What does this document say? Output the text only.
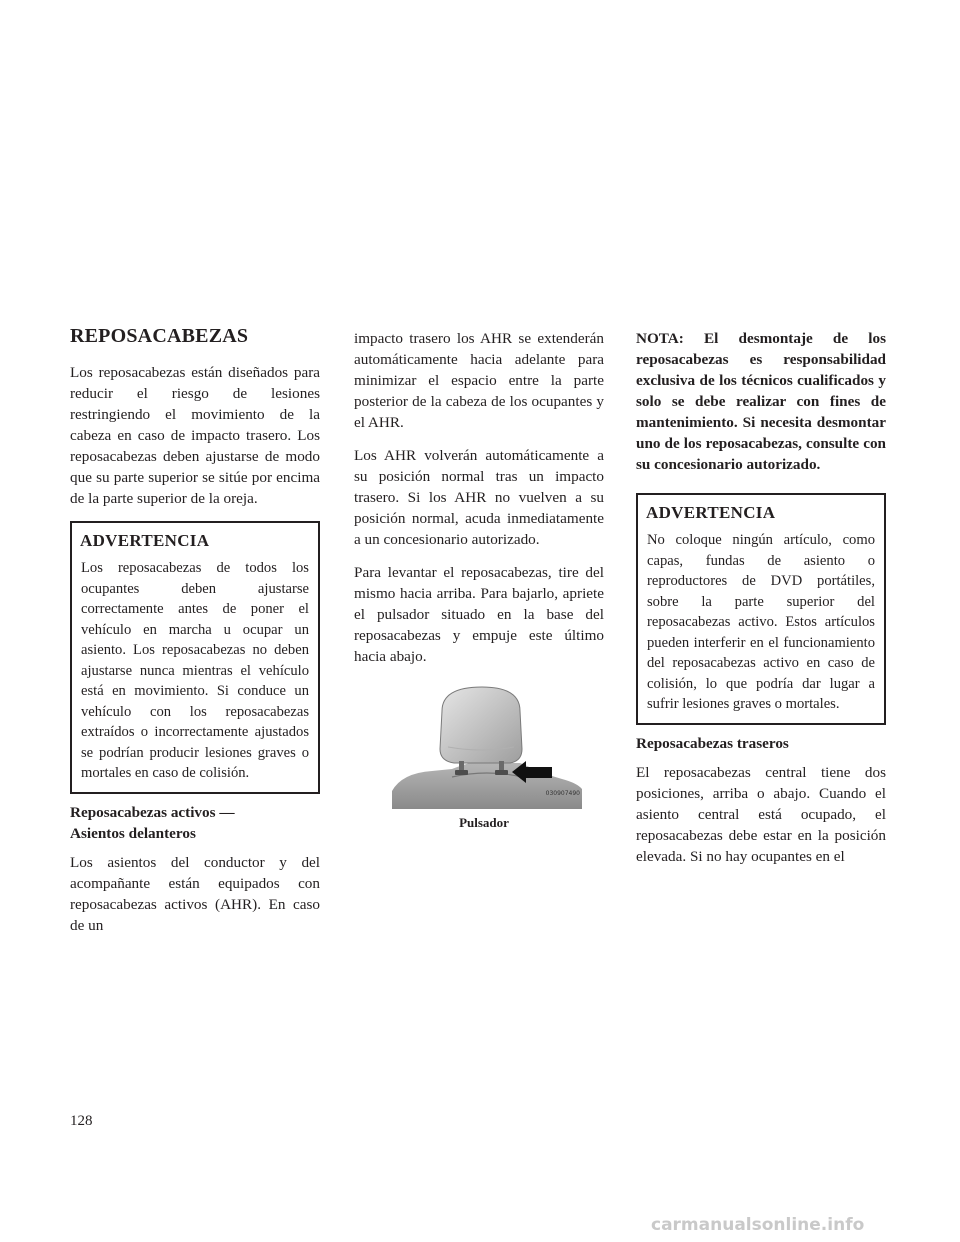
REPOSACABEZAS

Los reposacabezas están diseñados para reducir el riesgo de lesiones restringiendo el movimiento de la cabeza en caso de impacto trasero. Los reposacabezas deben ajustarse de modo que su parte superior se sitúe por encima de la parte superior de la oreja.

ADVERTENCIA

Los reposacabezas de todos los ocupantes deben ajustarse correctamente antes de poner el vehículo en marcha u ocupar un asiento. Los reposacabezas no deben ajustarse nunca mientras el vehículo está en movimiento. Si conduce un vehículo con los reposacabezas extraídos o incorrectamente ajustados se podrían producir lesiones graves o mortales en caso de colisión.

Reposacabezas activos —
Asientos delanteros

Los asientos del conductor y del acompañante están equipados con reposacabezas activos (AHR). En caso de un

impacto trasero los AHR se extenderán automáticamente hacia adelante para minimizar el espacio entre la parte posterior de la cabeza de los ocupantes y el AHR.

Los AHR volverán automáticamente a su posición normal tras un impacto trasero. Si los AHR no vuelven a su posición normal, acuda inmediatamente a un concesionario autorizado.

Para levantar el reposacabezas, tire del mismo hacia arriba. Para bajarlo, apriete el pulsador situado en la base del reposacabezas y empuje este último hacia abajo.

030907490
Pulsador
NOTA: El desmontaje de los reposacabezas es responsabilidad exclusiva de los técnicos cualificados y solo se debe realizar con fines de mantenimiento. Si necesita desmontar uno de los reposacabezas, consulte con su concesionario autorizado.
ADVERTENCIA

No coloque ningún artículo, como capas, fundas de asiento o reproductores de DVD portátiles, sobre la parte superior del reposacabezas activo. Estos artículos pueden interferir en el funcionamiento del reposacabezas activo en caso de colisión, lo que podría dar lugar a sufrir lesiones graves o mortales.

Reposacabezas traseros

El reposacabezas central tiene dos posiciones, arriba o abajo. Cuando el asiento central está ocupado, el reposacabezas debe estar en la posición elevada. Si no hay ocupantes en el

128
carmanualsonline.info
